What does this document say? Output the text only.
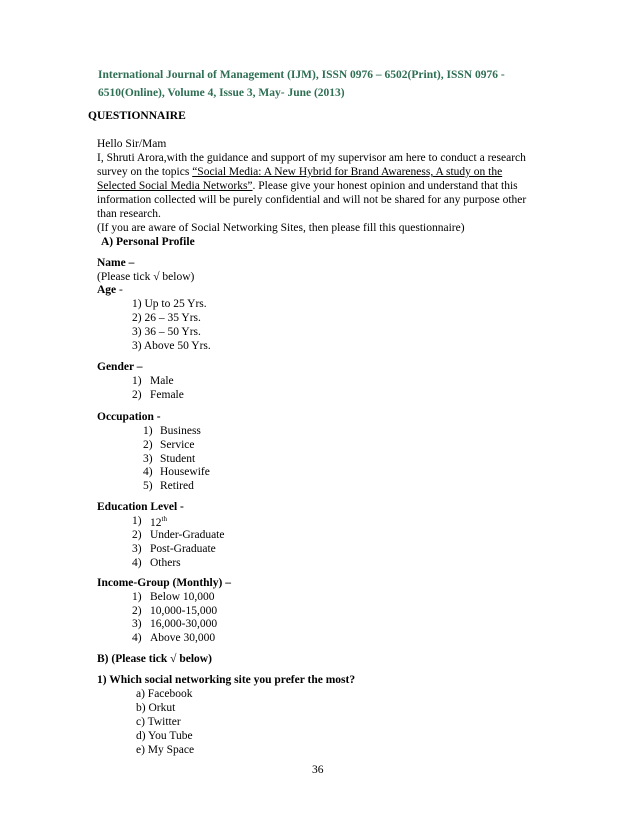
International Journal of Management (IJM), ISSN 0976 – 6502(Print), ISSN 0976 -
6510(Online), Volume 4, Issue 3, May- June (2013)
QUESTIONNAIRE
Hello Sir/Mam
I, Shruti Arora,with the guidance and support of my supervisor am here to conduct a research
survey on the topics “Social Media: A New Hybrid for Brand Awareness, A study on the
Selected Social Media Networks”. Please give your honest opinion and understand that this
information collected will be purely confidential and will not be shared for any purpose other
than research.
(If you are aware of Social Networking Sites, then please fill this questionnaire)
A) Personal Profile
Name –
(Please tick √ below)
Age -
1) Up to 25 Yrs.
2) 26 – 35 Yrs.
3) 36 – 50 Yrs.
3) Above 50 Yrs.
Gender –
1) Male
2) Female
Occupation -
1) Business
2) Service
3) Student
4) Housewife
5) Retired
Education Level -
1) 12th
2) Under-Graduate
3) Post-Graduate
4) Others
Income-Group (Monthly) –
1) Below 10,000
2) 10,000-15,000
3) 16,000-30,000
4) Above 30,000
B) (Please tick √ below)
1) Which social networking site you prefer the most?
a) Facebook
b) Orkut
c) Twitter
d) You Tube
e) My Space
36
